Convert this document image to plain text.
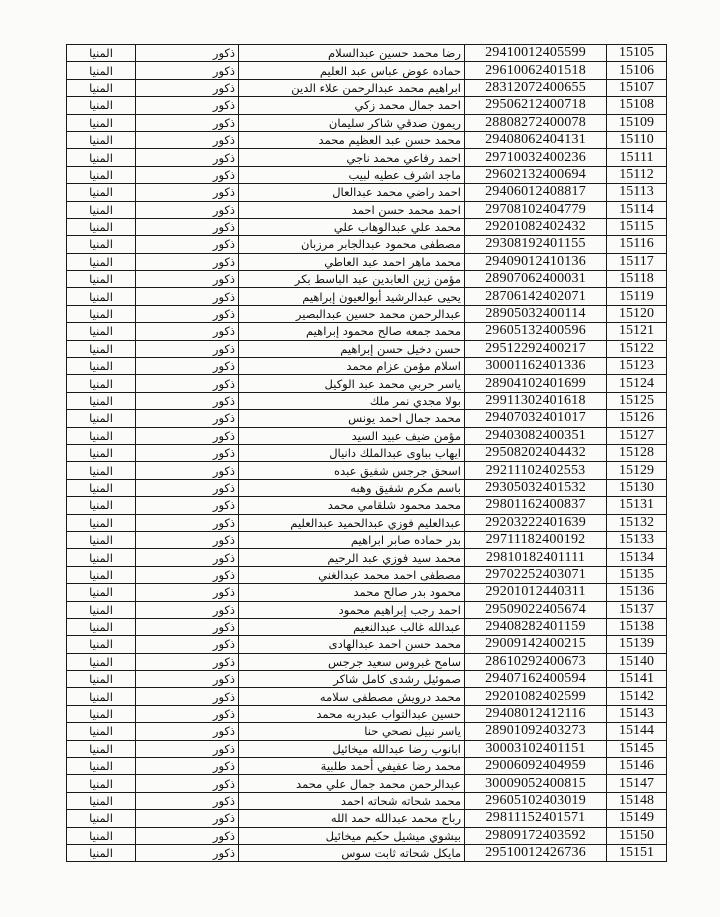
15105	29410012405599	رضا محمد حسين عبدالسلام	ذكور	المنيا
15106	29610062401518	حماده عوض عباس عبد العليم	ذكور	المنيا
15107	28312072400655	ابراهيم محمد عبدالرحمن علاء الدين	ذكور	المنيا
15108	29506212400718	احمد جمال محمد زكي	ذكور	المنيا
15109	28808272400078	ريمون صدقي شاكر سليمان	ذكور	المنيا
15110	29408062404131	محمد حسن عبد العظيم محمد	ذكور	المنيا
15111	29710032400236	احمد رفاعي محمد ناجي	ذكور	المنيا
15112	29602132400694	ماجد اشرف عطيه لبيب	ذكور	المنيا
15113	29406012408817	احمد راضي محمد عبدالعال	ذكور	المنيا
15114	29708102404779	احمد محمد حسن احمد	ذكور	المنيا
15115	29201082402432	محمد علي عبدالوهاب علي	ذكور	المنيا
15116	29308192401155	مصطفى محمود عبدالجابر مرزبان	ذكور	المنيا
15117	29409012410136	محمد ماهر احمد عبد العاطي	ذكور	المنيا
15118	28907062400031	مؤمن زين العابدين عبد الباسط بكر	ذكور	المنيا
15119	28706142402071	يحيى عبدالرشيد أبوالعيون إبراهيم	ذكور	المنيا
15120	28905032400114	عبدالرحمن محمد حسين عبدالبصير	ذكور	المنيا
15121	29605132400596	محمد جمعه صالح محمود إبراهيم	ذكور	المنيا
15122	29512292400217	حسن دخيل حسن إبراهيم	ذكور	المنيا
15123	30001162401336	اسلام مؤمن عزام محمد	ذكور	المنيا
15124	28904102401699	ياسر حربي محمد عبد الوكيل	ذكور	المنيا
15125	29911302401618	بولا مجدي نمر ملك	ذكور	المنيا
15126	29407032401017	محمد جمال احمد يونس	ذكور	المنيا
15127	29403082400351	مؤمن ضيف عبيد السيد	ذكور	المنيا
15128	29508202404432	ايهاب بباوى عبدالملك دانيال	ذكور	المنيا
15129	29211102402553	اسحق جرجس شفيق عبده	ذكور	المنيا
15130	29305032401532	باسم مكرم شفيق وهبه	ذكور	المنيا
15131	29801162400837	محمد محمود شلقامي محمد	ذكور	المنيا
15132	29203222401639	عبدالعليم فوزي عبدالحميد عبدالعليم	ذكور	المنيا
15133	29711182400192	بدر حماده صابر ابراهيم	ذكور	المنيا
15134	29810182401111	محمد سيد فوزي عبد الرحيم	ذكور	المنيا
15135	29702252403071	مصطفى احمد محمد عبدالغني	ذكور	المنيا
15136	29201012440311	محمود بدر صالح محمد	ذكور	المنيا
15137	29509022405674	احمد رجب إبراهيم محمود	ذكور	المنيا
15138	29408282401159	عبدالله غالب عبدالنعيم	ذكور	المنيا
15139	29009142400215	محمد حسن احمد عبدالهادى	ذكور	المنيا
15140	28610292400673	سامح غبروس سعيد جرجس	ذكور	المنيا
15141	29407162400594	صموئيل رشدى كامل شاكر	ذكور	المنيا
15142	29201082402599	محمد درويش مصطفى سلامه	ذكور	المنيا
15143	29408012412116	حسين عبدالتواب عبدربه محمد	ذكور	المنيا
15144	28901092403273	ياسر نبيل نصحي حنا	ذكور	المنيا
15145	30003102401151	ابانوب رضا عبدالله ميخائيل	ذكور	المنيا
15146	29006092404959	محمد رضا عفيفي أحمد طلبية	ذكور	المنيا
15147	30009052400815	عبدالرحمن محمد جمال علي محمد	ذكور	المنيا
15148	29605102403019	محمد شحاته شحاته احمد	ذكور	المنيا
15149	29811152401571	رباح محمد عبدالله حمد الله	ذكور	المنيا
15150	29809172403592	بيشوي ميشيل حكيم ميخائيل	ذكور	المنيا
15151	29510012426736	مايكل شحاته ثابت سوس	ذكور	المنيا
